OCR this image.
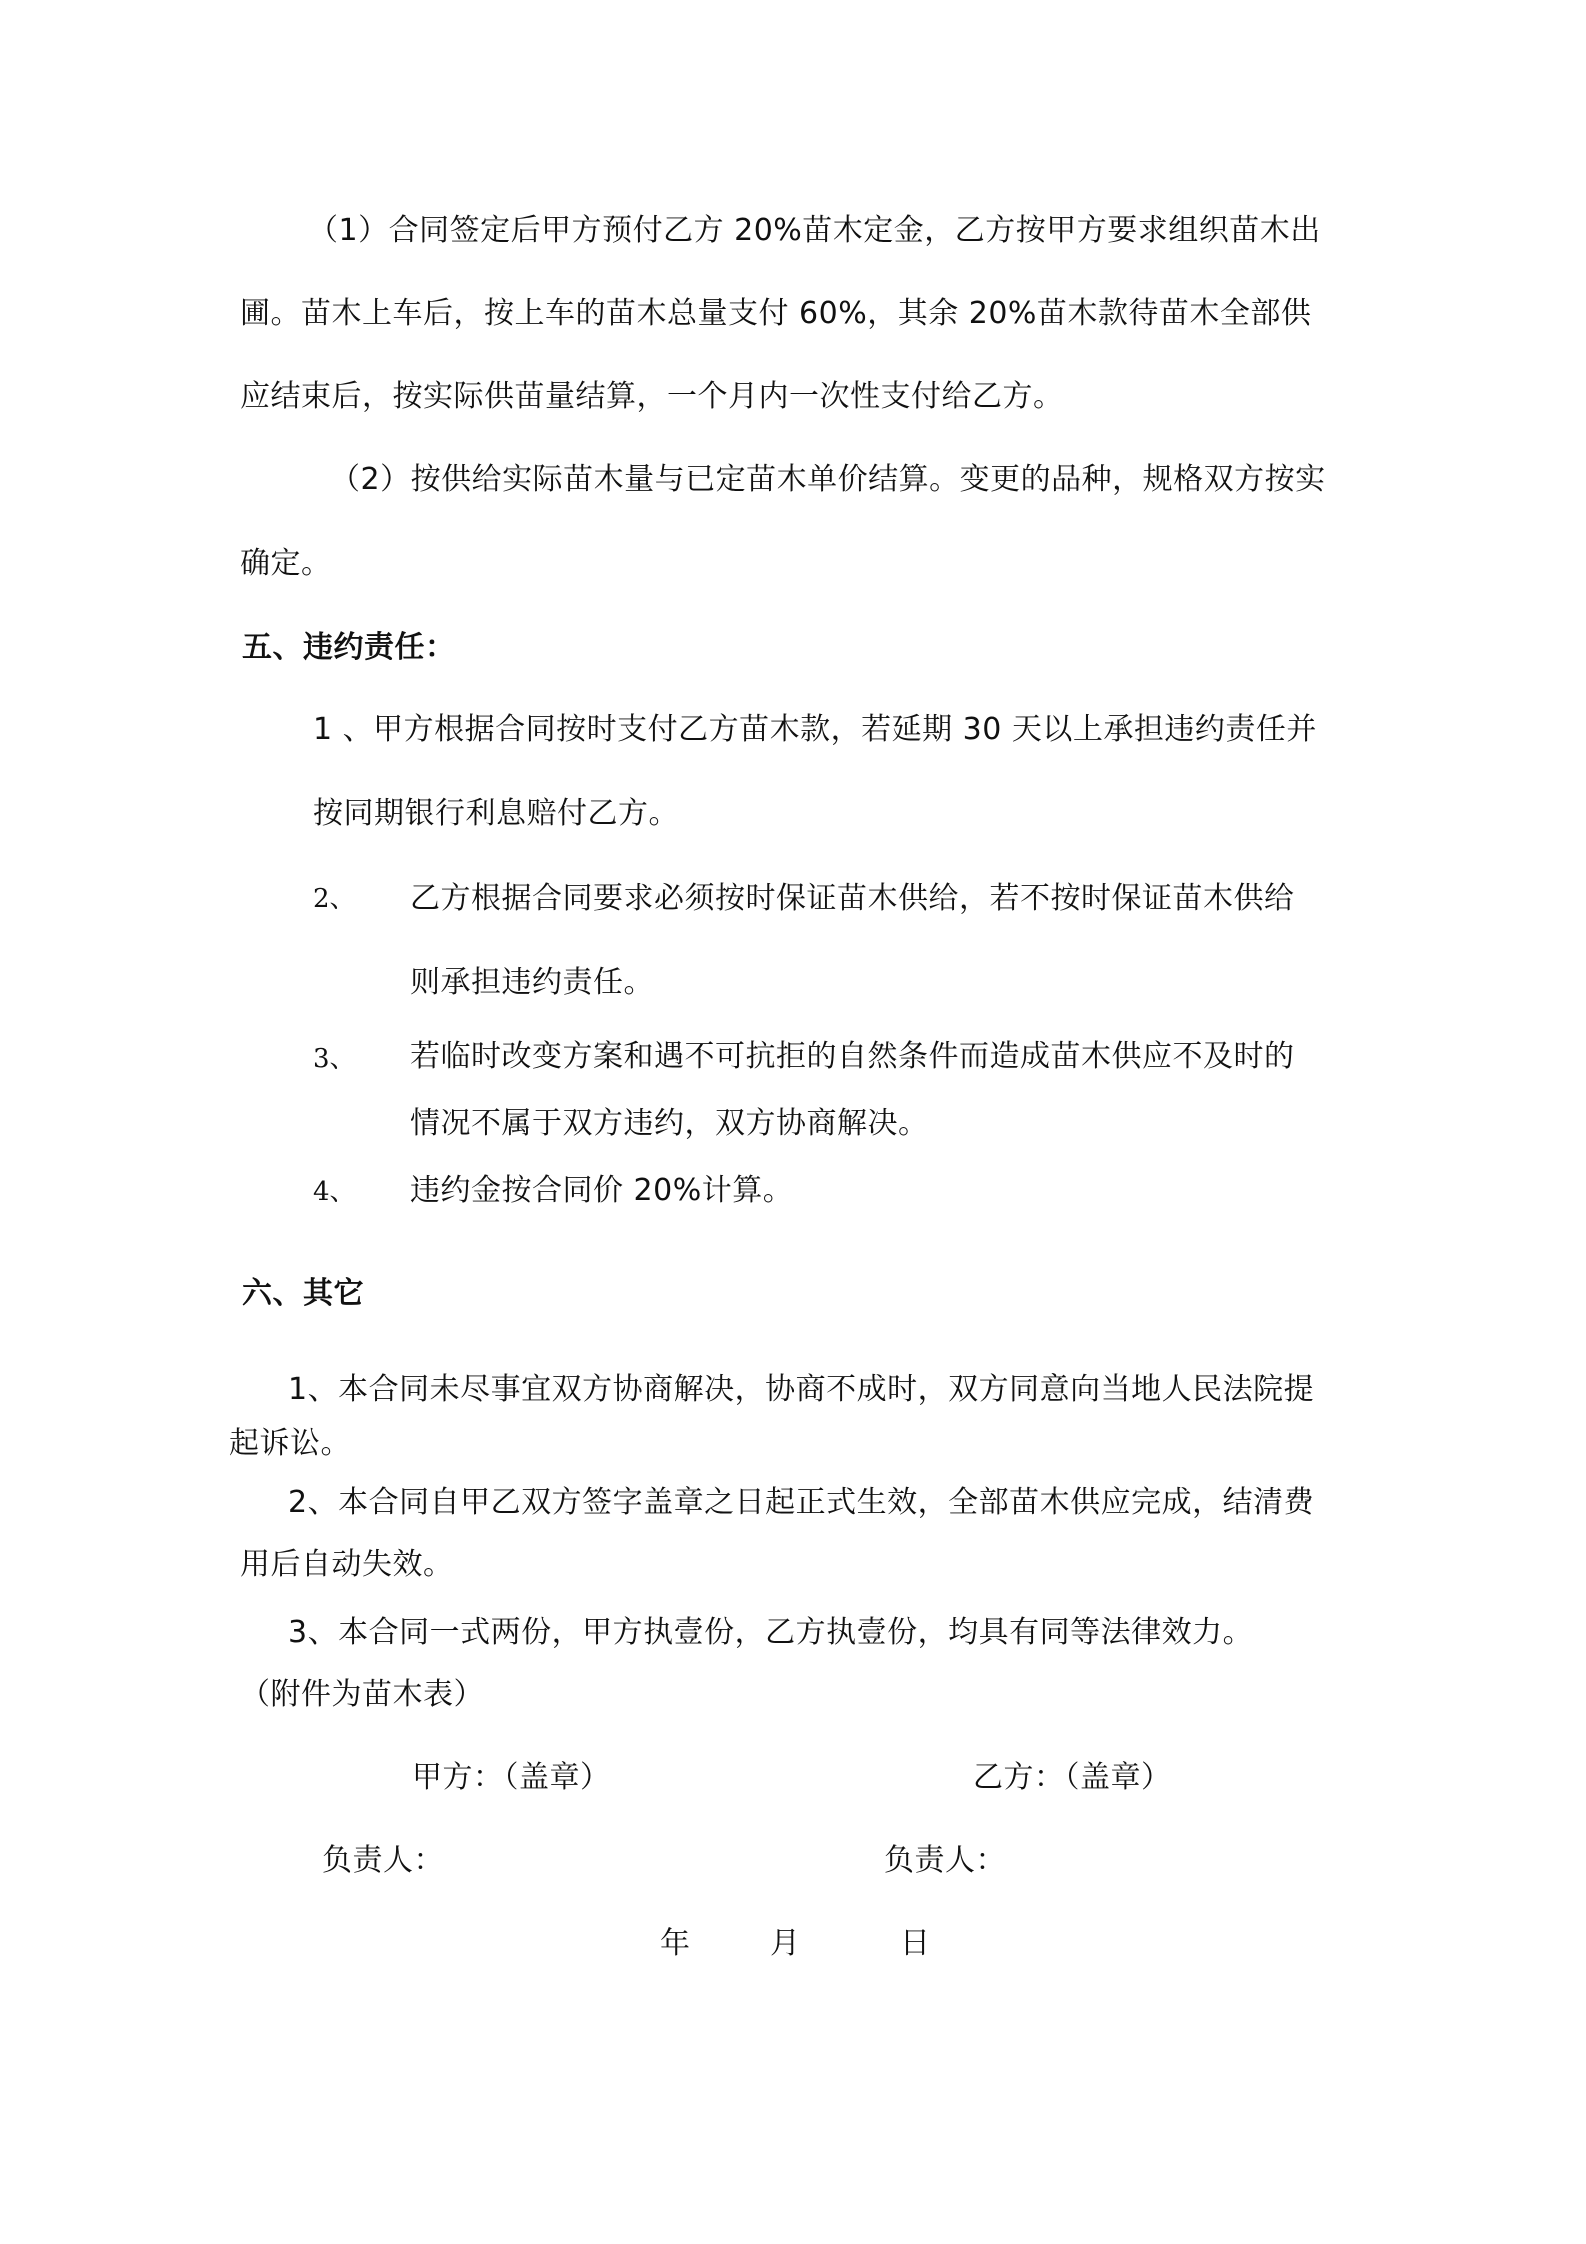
（1）合同签定后甲方预付乙方 20%苗木定金，乙方按甲方要求组织苗木出
圃。苗木上车后，按上车的苗木总量支付 60%，其余 20%苗木款待苗木全部供
应结束后，按实际供苗量结算，一个月内一次性支付给乙方。
（2）按供给实际苗木量与已定苗木单价结算。变更的品种，规格双方按实
确定。
五、违约责任：
1 、甲方根据合同按时支付乙方苗木款，若延期 30 天以上承担违约责任并
按同期银行利息赔付乙方。
2、 乙方根据合同要求必须按时保证苗木供给，若不按时保证苗木供给
则承担违约责任。
3、 若临时改变方案和遇不可抗拒的自然条件而造成苗木供应不及时的
情况不属于双方违约，双方协商解决。
4、 违约金按合同价 20%计算。
六、其它
1、本合同未尽事宜双方协商解决，协商不成时，双方同意向当地人民法院提
起诉讼。
2、本合同自甲乙双方签字盖章之日起正式生效，全部苗木供应完成，结清费
用后自动失效。
3、本合同一式两份，甲方执壹份，乙方执壹份，均具有同等法律效力。
（附件为苗木表）
甲方：（盖章）	乙方：（盖章）
负责人：	负责人：
年	月	日
